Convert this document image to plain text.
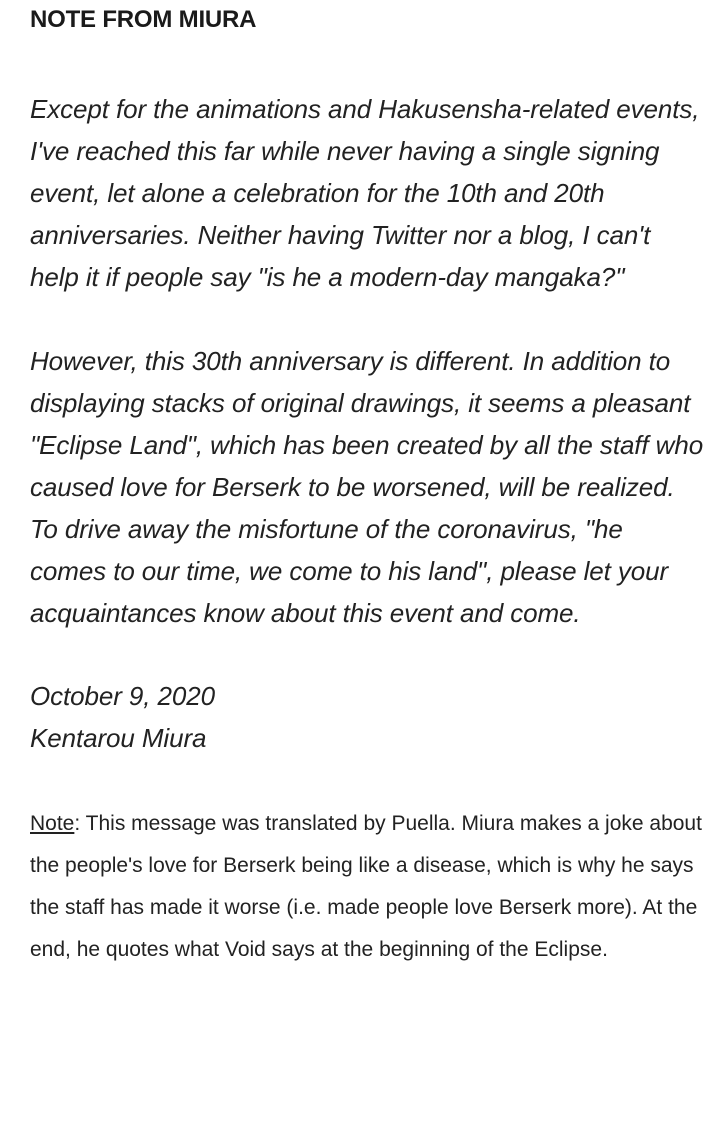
NOTE FROM MIURA

Except for the animations and Hakusensha-related events, I've reached this far while never having a single signing event, let alone a celebration for the 10th and 20th anniversaries. Neither having Twitter nor a blog, I can't help it if people say "is he a modern-day mangaka?"

However, this 30th anniversary is different. In addition to displaying stacks of original drawings, it seems a pleasant "Eclipse Land", which has been created by all the staff who caused love for Berserk to be worsened, will be realized. To drive away the misfortune of the coronavirus, "he comes to our time, we come to his land", please let your acquaintances know about this event and come.

October 9, 2020

Kentarou Miura

Note: This message was translated by Puella. Miura makes a joke about the people's love for Berserk being like a disease, which is why he says the staff has made it worse (i.e. made people love Berserk more). At the end, he quotes what Void says at the beginning of the Eclipse.
